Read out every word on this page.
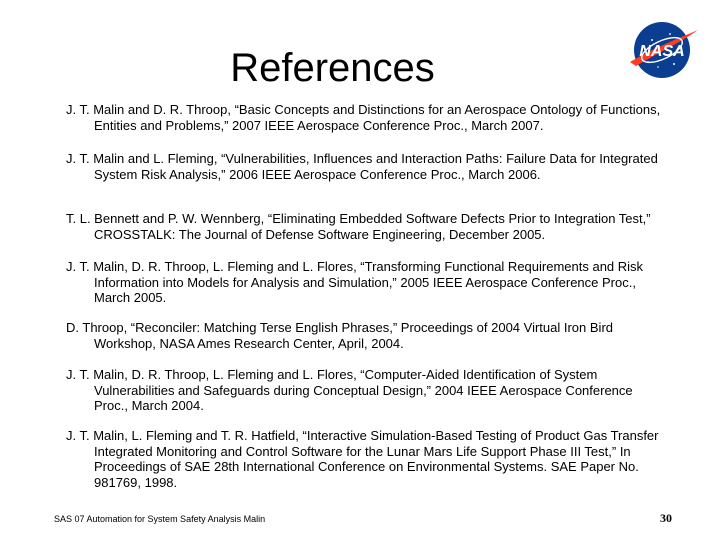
References	NASA
J. T. Malin and D. R. Throop, “Basic Concepts and Distinctions for an Aerospace Ontology of Functions, Entities and Problems,” 2007 IEEE Aerospace Conference Proc., March 2007.
J. T. Malin and L. Fleming, “Vulnerabilities, Influences and Interaction Paths: Failure Data for Integrated System Risk Analysis,” 2006 IEEE Aerospace Conference Proc., March 2006.
T. L. Bennett and P. W. Wennberg, “Eliminating Embedded Software Defects Prior to Integration Test,” CROSSTALK: The Journal of Defense Software Engineering, December 2005.
J. T. Malin, D. R. Throop, L. Fleming and L. Flores, “Transforming Functional Requirements and Risk Information into Models for Analysis and Simulation,” 2005 IEEE Aerospace Conference Proc., March 2005.
D. Throop, “Reconciler: Matching Terse English Phrases,” Proceedings of 2004 Virtual Iron Bird Workshop, NASA Ames Research Center, April, 2004.
J. T. Malin, D. R. Throop, L. Fleming and L. Flores, “Computer-Aided Identification of System Vulnerabilities and Safeguards during Conceptual Design,” 2004 IEEE Aerospace Conference Proc., March 2004.
J. T. Malin, L. Fleming and T. R. Hatfield, “Interactive Simulation-Based Testing of Product Gas Transfer Integrated Monitoring and Control Software for the Lunar Mars Life Support Phase III Test,” In Proceedings of SAE 28th International Conference on Environmental Systems. SAE Paper No. 981769, 1998.
SAS 07 Automation for System Safety Analysis Malin	30
